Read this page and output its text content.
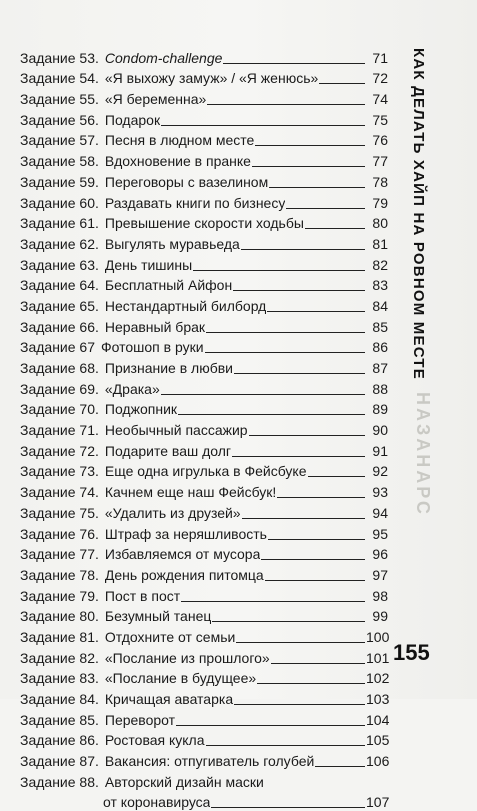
Задание 53. Condom-challenge	71
Задание 54. «Я выхожу замуж» / «Я женюсь»	72
Задание 55. «Я беременна»	74
Задание 56. Подарок	75
Задание 57. Песня в людном месте	76
Задание 58. Вдохновение в пранке	77
Задание 59. Переговоры с вазелином	78
Задание 60. Раздавать книги по бизнесу	79
Задание 61. Превышение скорости ходьбы	80
Задание 62. Выгулять муравьеда	81
Задание 63. День тишины	82
Задание 64. Бесплатный Айфон	83
Задание 65. Нестандартный билборд	84
Задание 66. Неравный брак	85
Задание 67 Фотошоп в руки	86
Задание 68. Признание в любви	87
Задание 69. «Драка»	88
Задание 70. Поджопник	89
Задание 71. Необычный пассажир	90
Задание 72. Подарите ваш долг	91
Задание 73. Еще одна игрулька в Фейсбуке	92
Задание 74. Качнем еще наш Фейсбук!	93
Задание 75. «Удалить из друзей»	94
Задание 76. Штраф за неряшливость	95
Задание 77. Избавляемся от мусора	96
Задание 78. День рождения питомца	97
Задание 79. Пост в пост	98
Задание 80. Безумный танец	99
Задание 81. Отдохните от семьи	100
Задание 82. «Послание из прошлого»	101
Задание 83. «Послание в будущее»	102
Задание 84. Кричащая аватарка	103
Задание 85. Переворот	104
Задание 86. Ростовая кукла	105
Задание 87. Вакансия: отпугиватель голубей	106
Задание 88. Авторский дизайн маски
от коронавируса	107
КАК ДЕЛАТЬ ХАЙП НА РОВНОМ МЕСТЕ
НАЗАНАРС
155
